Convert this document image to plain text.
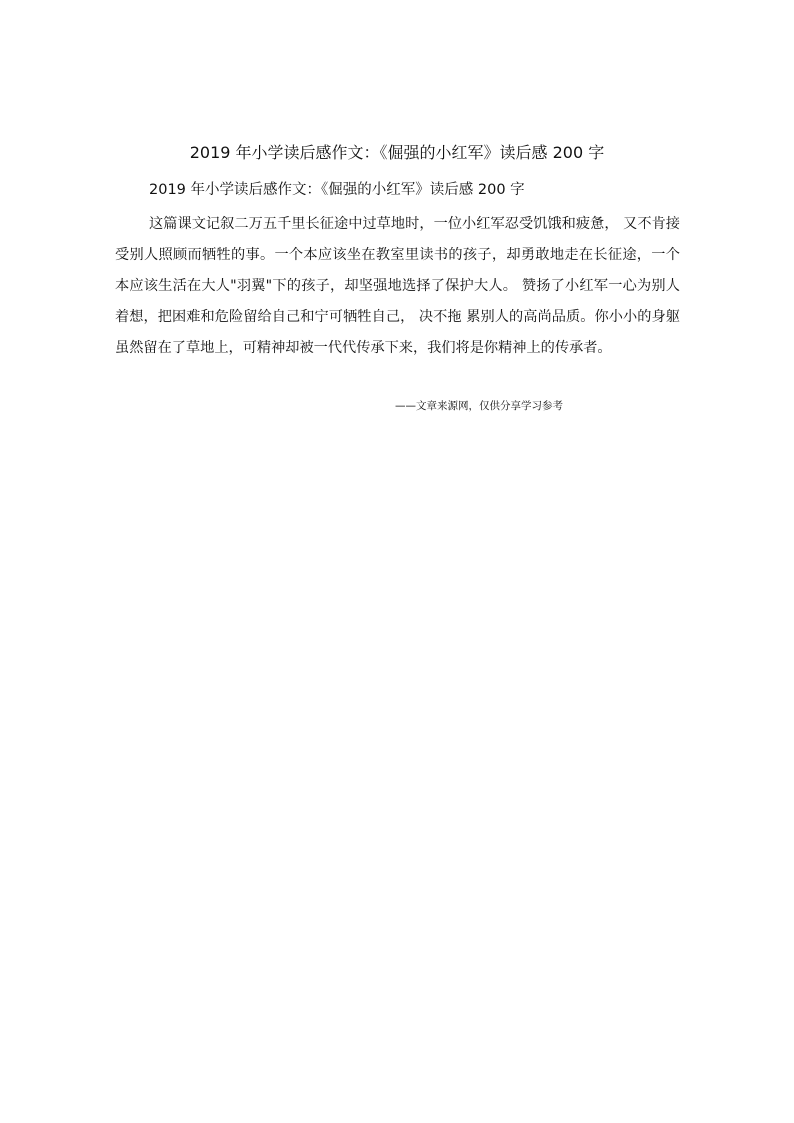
2019 年小学读后感作文：《倔强的小红军》读后感 200 字

2019 年小学读后感作文：《倔强的小红军》读后感 200 字

这篇课文记叙二万五千里长征途中过草地时，一位小红军忍受饥饿和疲惫， 又不肯接受别人照顾而牺牲的事。一个本应该坐在教室里读书的孩子，却勇敢地走在长征途，一个本应该生活在大人"羽翼"下的孩子，却坚强地选择了保护大人。 赞扬了小红军一心为别人着想，把困难和危险留给自己和宁可牺牲自己， 决不拖 累别人的高尚品质。你小小的身躯虽然留在了草地上，可精神却被一代代传承下来，我们将是你精神上的传承者。

——文章来源网，仅供分享学习参考
